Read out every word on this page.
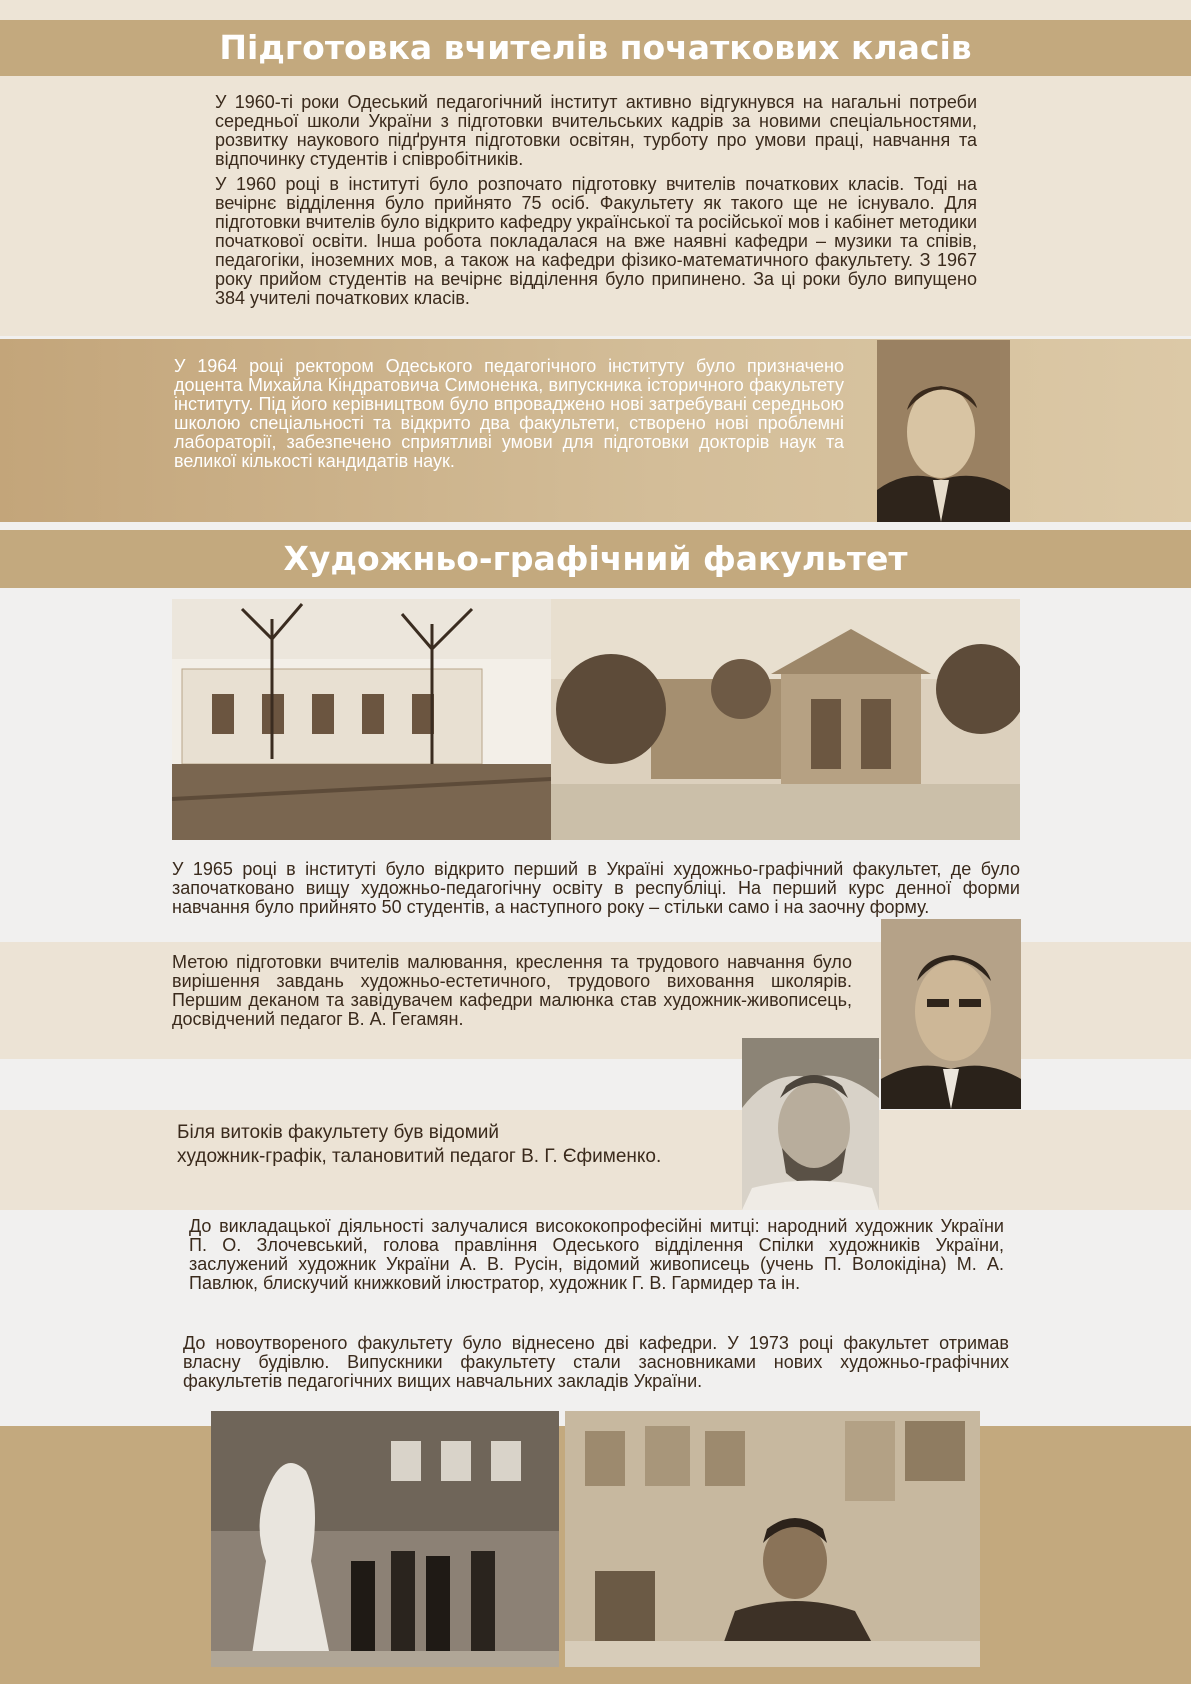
Підготовка вчителів початкових класів
У 1960-ті роки Одеський педагогічний інститут активно відгукнувся на нагальні потреби середньої школи України з підготовки вчительських кадрів за новими спеціальностями, розвитку наукового підґрунтя підготовки освітян, турботу про умови праці, навчання та відпочинку студентів і співробітників.
У 1960 році в інституті було розпочато підготовку вчителів початкових класів. Тоді на вечірнє відділення було прийнято 75 осіб. Факультету як такого ще не існувало. Для підготовки вчителів було відкрито кафедру української та російської мов і кабінет методики початкової освіти. Інша робота покладалася на вже наявні кафедри – музики та співів, педагогіки, іноземних мов, а також на кафедри фізико-математичного факультету. З 1967 року прийом студентів на вечірнє відділення було припинено. За ці роки було випущено 384 учителі початкових класів.
У 1964 році ректором Одеського педагогічного інституту було призначено доцента Михайла Кіндратовича Симоненка, випускника історичного факультету інституту. Під його керівництвом було впроваджено нові затребувані середньою школою спеціальності та відкрито два факультети, створено нові проблемні лабораторії, забезпечено сприятливі умови для підготовки докторів наук та великої кількості кандидатів наук.
Художньо-графічний факультет
У 1965 році в інституті було відкрито перший в Україні художньо-графічний факультет, де було започатковано вищу художньо-педагогічну освіту в республіці. На перший курс денної форми навчання було прийнято 50 студентів, а наступного року – стільки само і на заочну форму.
Метою підготовки вчителів малювання, креслення та трудового навчання було вирішення завдань художньо-естетичного, трудового виховання школярів. Першим деканом та завідувачем кафедри малюнка став художник-живописець, досвідчений педагог В. А. Гегамян.
Біля витоків факультету був відомий
художник-графік, талановитий педагог В. Г. Єфименко.
До викладацької діяльності залучалися висококопрофесійні митці: народний художник України П. О. Злочевський, голова правління Одеського відділення Спілки художників України, заслужений художник України А. В. Русін, відомий живописець (учень П. Волокідіна) М. А. Павлюк, блискучий книжковий ілюстратор, художник Г. В. Гармидер та ін.
До новоутвореного факультету було віднесено дві кафедри. У 1973 році факультет отримав власну будівлю. Випускники факультету стали засновниками нових художньо-графічних факультетів педагогічних вищих навчальних закладів України.
